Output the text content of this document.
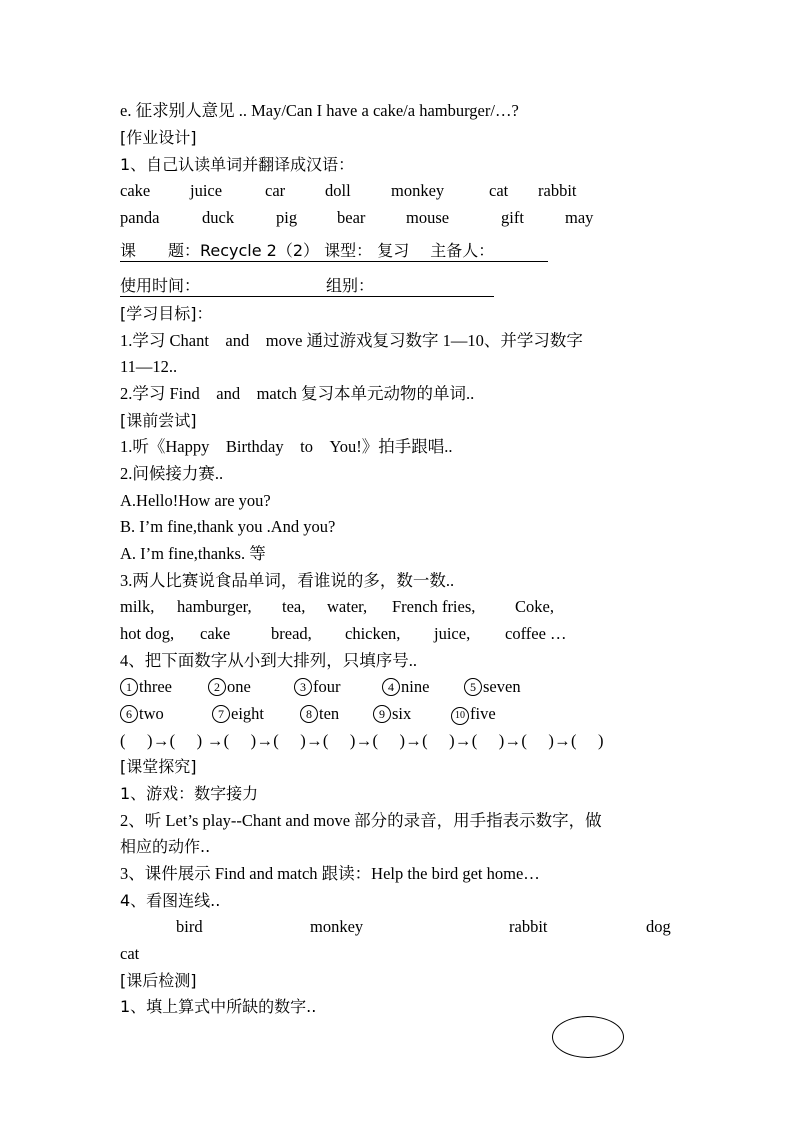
e. 征求别人意见 .. May/Can I have a cake/a hamburger/…?
[作业设计]
1、自己认读单词并翻译成汉语：
cake juice	car doll monkey	cat rabbit
panda	duck	pig bear mouse	gift may
课　　题：Recycle 2（2） 课型： 复习　 主备人：
使用时间：	组别：
[学习目标]：
1.学习 Chant　and　move 通过游戏复习数字 1—10、并学习数字
11—12..
2.学习 Find　and　match 复习本单元动物的单词..
[课前尝试]
1.听《Happy　Birthday　to　You!》拍手跟唱..
2.问候接力赛..
A.Hello!How are you?
B. I’m fine,thank you .And you?
A. I’m fine,thanks. 等
3.两人比赛说食品单词，看谁说的多，数一数..
milk, hamburger, tea, water, French fries, Coke,
hot dog, cake bread, chicken, juice, coffee …
4、把下面数字从小到大排列，只填序号..
1 three	2 one	3 four	4 nine	5 seven
6 two	7 eight	8 ten	9 six	10 five
(　 )→(　 ) →(　 )→(　 )→(　 )→(　 )→(　 )→(　 )→(　 )→(　 )
[课堂探究]
1、游戏：数字接力
2、听 Let’s play--Chant and move 部分的录音，用手指表示数字，做
相应的动作..
3、课件展示 Find and match 跟读：Help the bird get home…
4、看图连线..
bird	monkey	rabbit	dog
cat
[课后检测]
1、填上算式中所缺的数字..
